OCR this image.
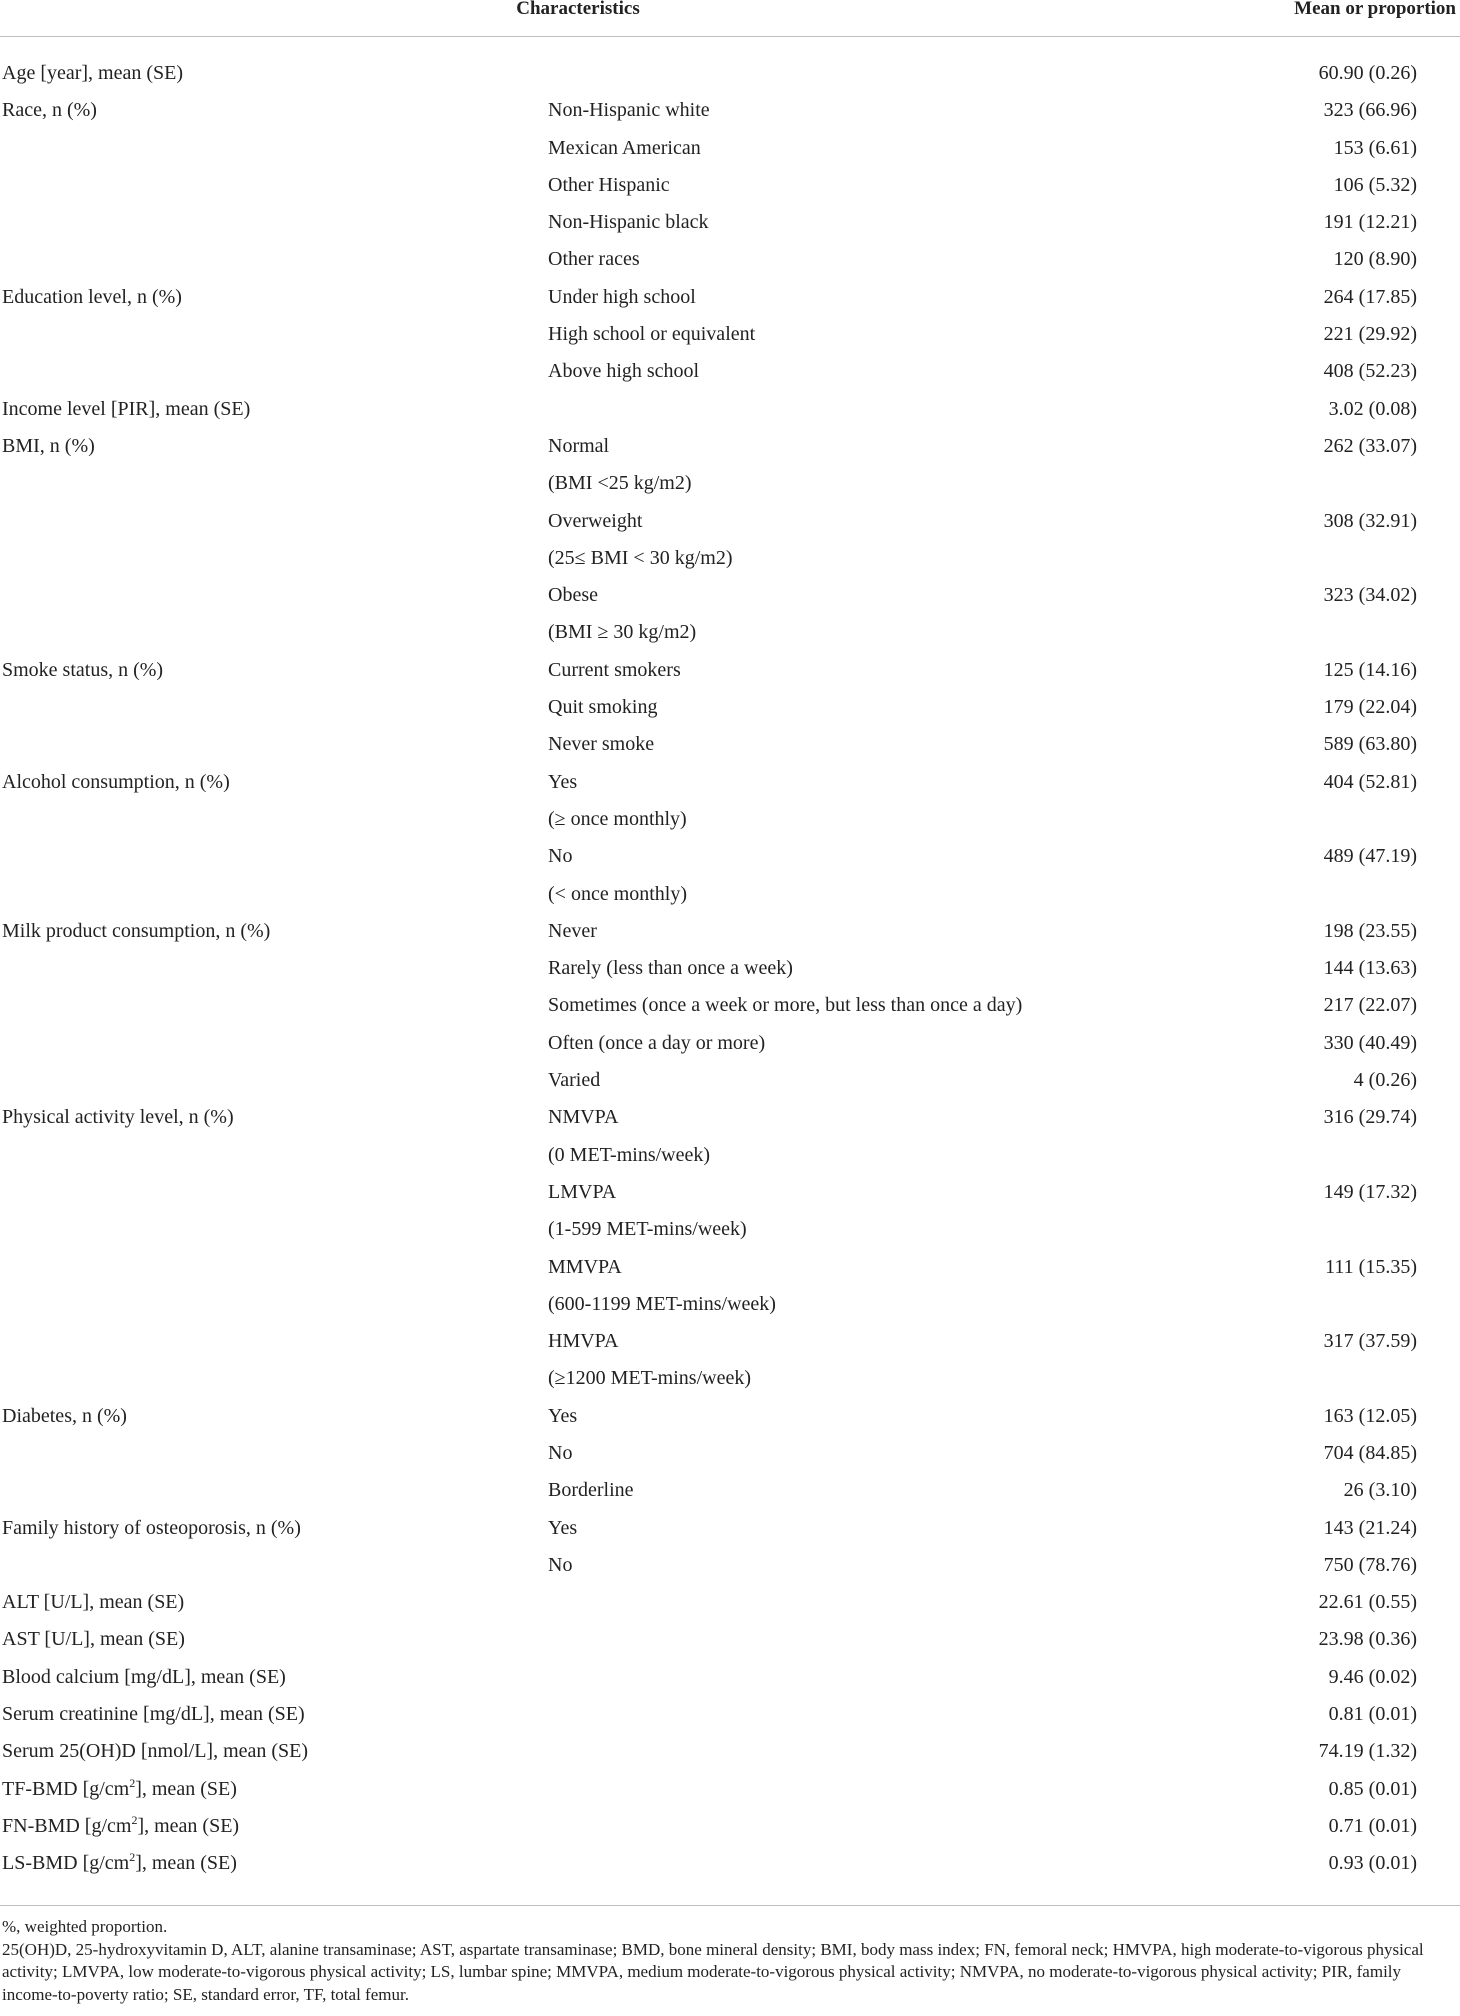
Characteristics	Mean or proportion
Age [year], mean (SE)	60.90 (0.26)
Race, n (%)	Non-Hispanic white	323 (66.96)
Mexican American	153 (6.61)
Other Hispanic	106 (5.32)
Non-Hispanic black	191 (12.21)
Other races	120 (8.90)
Education level, n (%)	Under high school	264 (17.85)
High school or equivalent	221 (29.92)
Above high school	408 (52.23)
Income level [PIR], mean (SE)	3.02 (0.08)
BMI, n (%)	Normal	262 (33.07)
(BMI <25 kg/m2)
Overweight	308 (32.91)
(25≤ BMI < 30 kg/m2)
Obese	323 (34.02)
(BMI ≥ 30 kg/m2)
Smoke status, n (%)	Current smokers	125 (14.16)
Quit smoking	179 (22.04)
Never smoke	589 (63.80)
Alcohol consumption, n (%)	Yes	404 (52.81)
(≥ once monthly)
No	489 (47.19)
(< once monthly)
Milk product consumption, n (%)	Never	198 (23.55)
Rarely (less than once a week)	144 (13.63)
Sometimes (once a week or more, but less than once a day)	217 (22.07)
Often (once a day or more)	330 (40.49)
Varied	4 (0.26)
Physical activity level, n (%)	NMVPA	316 (29.74)
(0 MET-mins/week)
LMVPA	149 (17.32)
(1-599 MET-mins/week)
MMVPA	111 (15.35)
(600-1199 MET-mins/week)
HMVPA	317 (37.59)
(≥1200 MET-mins/week)
Diabetes, n (%)	Yes	163 (12.05)
No	704 (84.85)
Borderline	26 (3.10)
Family history of osteoporosis, n (%)	Yes	143 (21.24)
No	750 (78.76)
ALT [U/L], mean (SE)	22.61 (0.55)
AST [U/L], mean (SE)	23.98 (0.36)
Blood calcium [mg/dL], mean (SE)	9.46 (0.02)
Serum creatinine [mg/dL], mean (SE)	0.81 (0.01)
Serum 25(OH)D [nmol/L], mean (SE)	74.19 (1.32)
TF-BMD $[g/cm^2]$, mean (SE)	0.85 (0.01)
FN-BMD $[g/cm^2]$, mean (SE)	0.71 (0.01)
LS-BMD $[g/cm^2]$, mean (SE)	0.93 (0.01)

%, weighted proportion.

25(OH)D, 25-hydroxyvitamin D, ALT, alanine transaminase; AST, aspartate transaminase; BMD, bone mineral density; BMI, body mass index; FN, femoral neck; HMVPA, high moderate-to-vigorous physical activity; LMVPA, low moderate-to-vigorous physical activity; LS, lumbar spine; MMVPA, medium moderate-to-vigorous physical activity; NMVPA, no moderate-to-vigorous physical activity; PIR, family income-to-poverty ratio; SE, standard error, TF, total femur.
